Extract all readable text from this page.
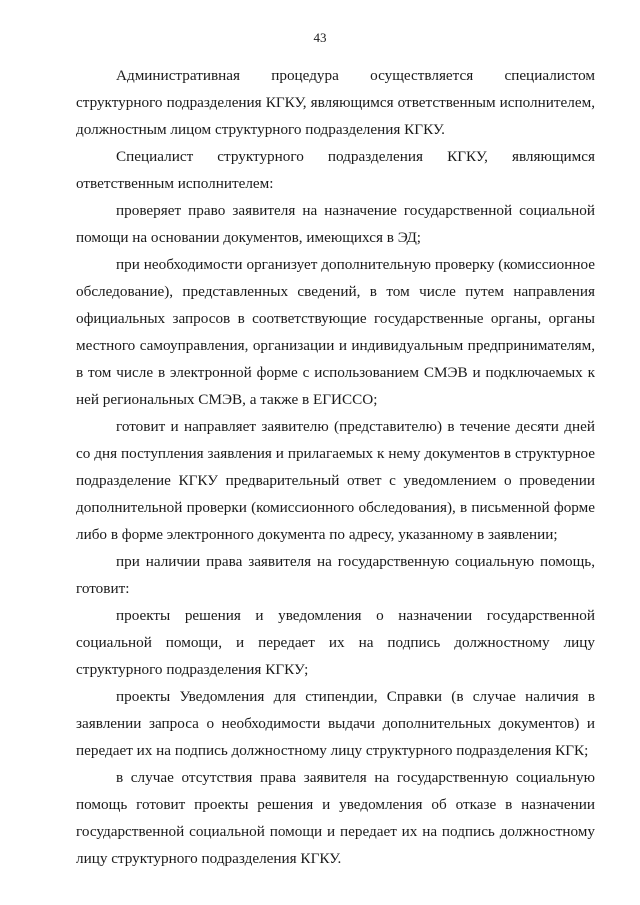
43

Административная процедура осуществляется специалистом структурного подразделения КГКУ, являющимся ответственным исполнителем, должностным лицом структурного подразделения КГКУ.

Специалист структурного подразделения КГКУ, являющимся ответственным исполнителем:

проверяет право заявителя на назначение государственной социальной помощи на основании документов, имеющихся в ЭД;

при необходимости организует дополнительную проверку (комиссионное обследование), представленных сведений, в том числе путем направления официальных запросов в соответствующие государственные органы, органы местного самоуправления, организации и индивидуальным предпринимателям, в том числе в электронной форме с использованием СМЭВ и подключаемых к ней региональных СМЭВ, а также в ЕГИССО;

готовит и направляет заявителю (представителю) в течение десяти дней со дня поступления заявления и прилагаемых к нему документов в структурное подразделение КГКУ предварительный ответ с уведомлением о проведении дополнительной проверки (комиссионного обследования), в письменной форме либо в форме электронного документа по адресу, указанному в заявлении;

при наличии права заявителя на государственную социальную помощь, готовит:

проекты решения и уведомления о назначении государственной социальной помощи, и передает их на подпись должностному лицу структурного подразделения КГКУ;

проекты Уведомления для стипендии, Справки (в случае наличия в заявлении запроса о необходимости выдачи дополнительных документов) и передает их на подпись должностному лицу структурного подразделения КГК;

в случае отсутствия права заявителя на государственную социальную помощь готовит проекты решения и уведомления об отказе в назначении государственной социальной помощи и передает их на подпись должностному лицу структурного подразделения КГКУ.
